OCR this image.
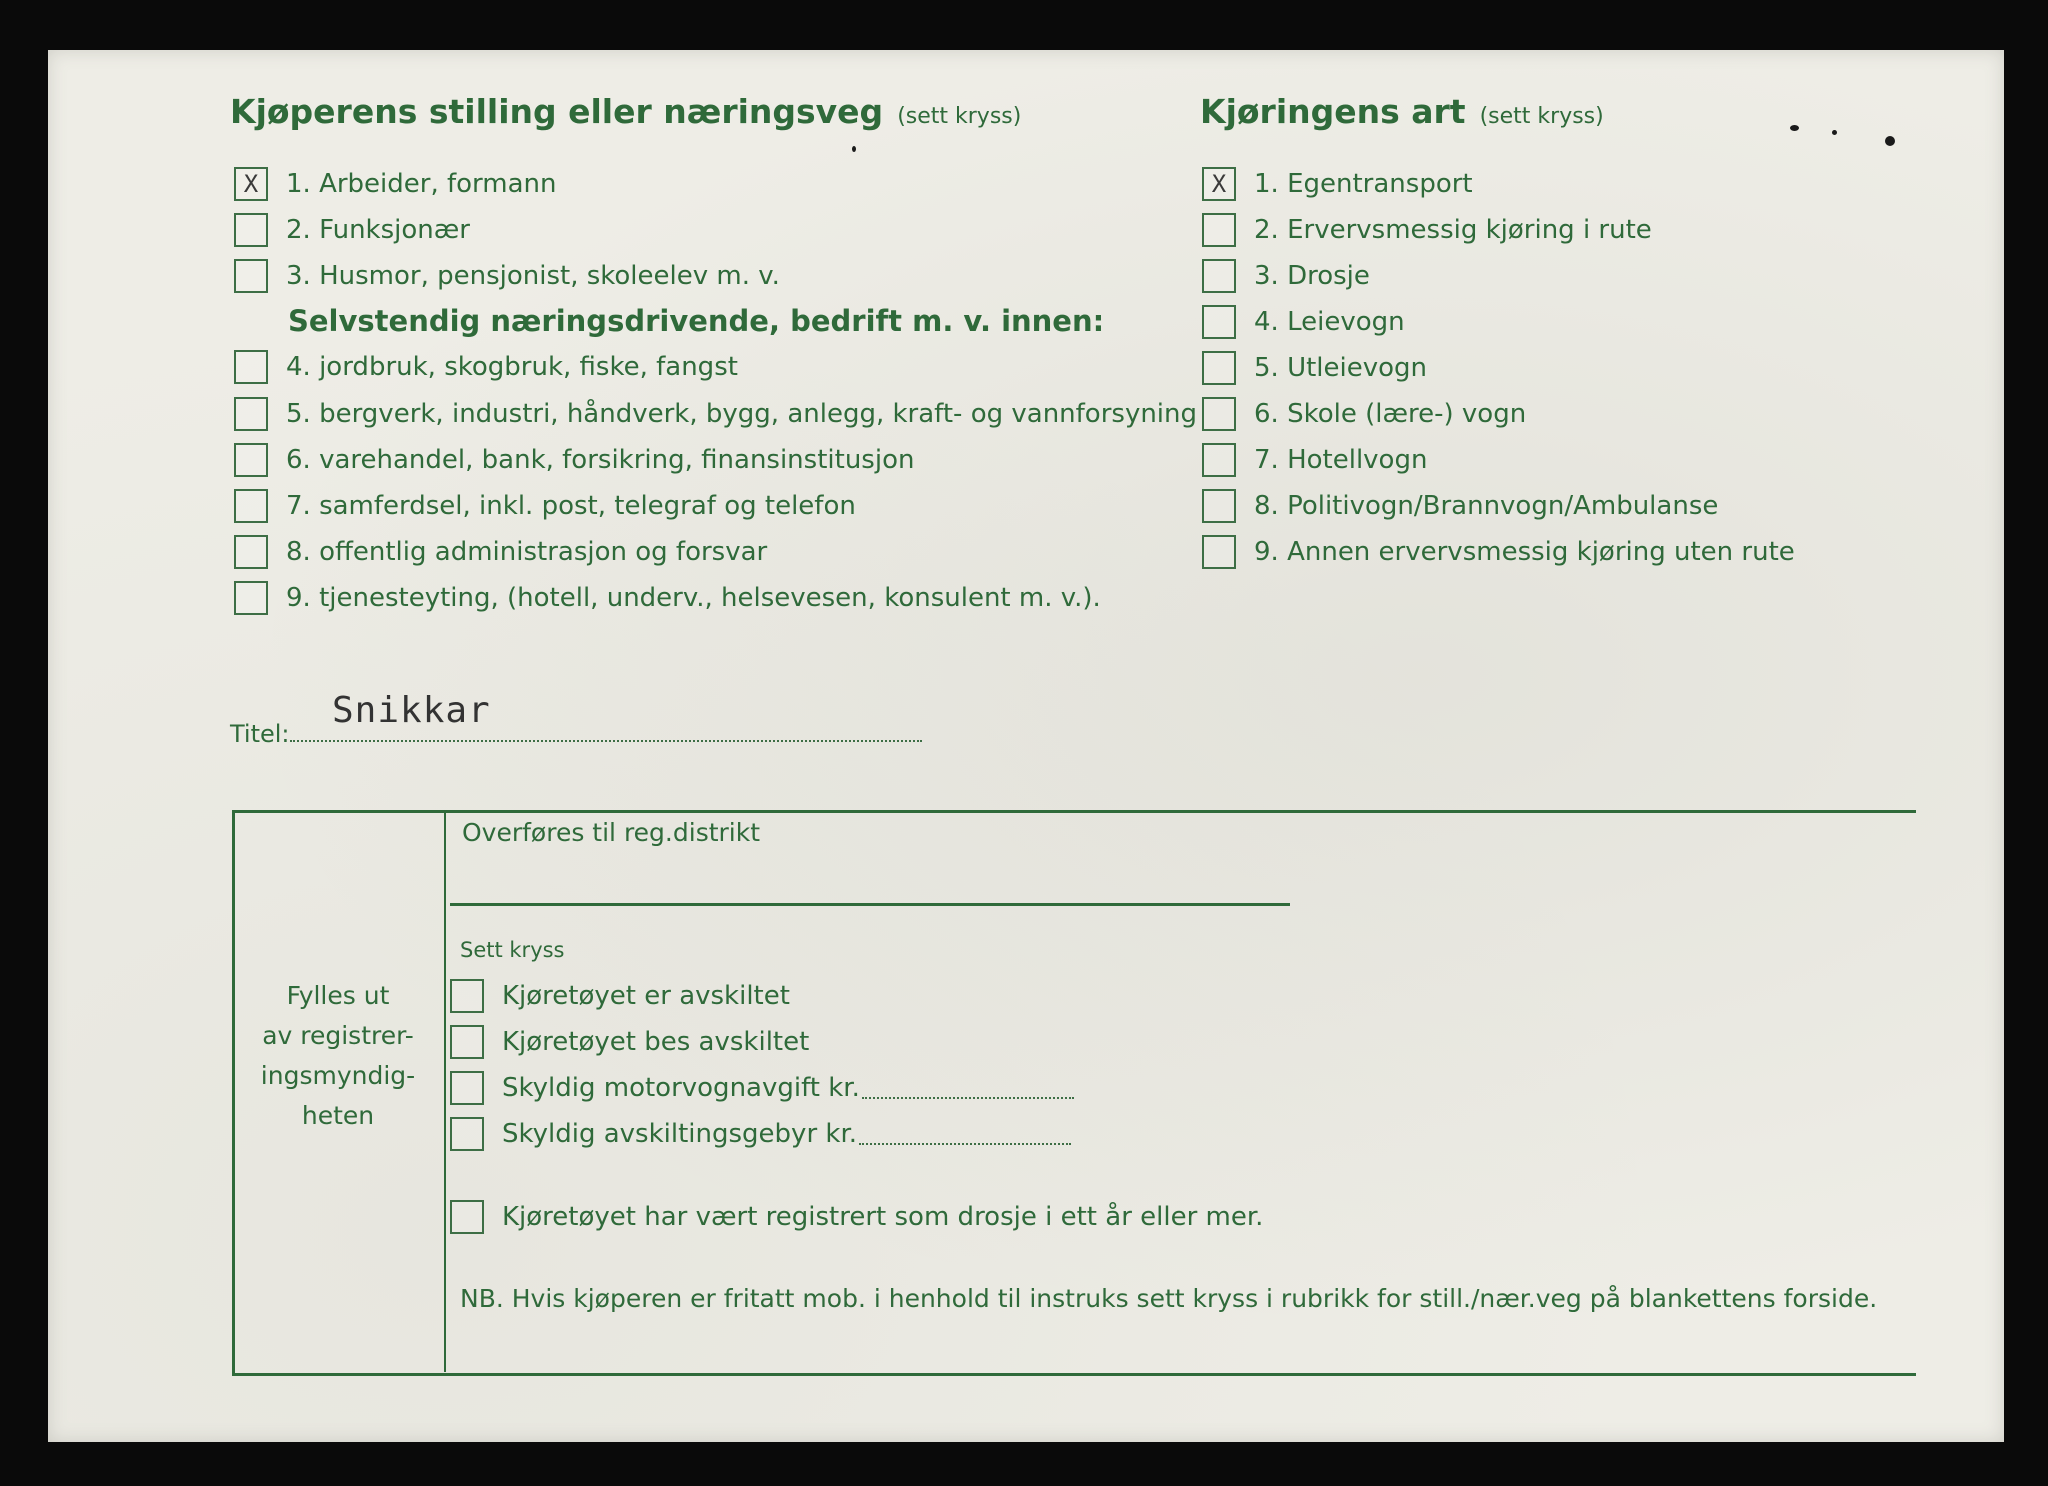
Kjøperens stilling eller næringsveg (sett kryss)	Kjøringens art (sett kryss)
X	1. Arbeider, formann
2. Funksjonær
3. Husmor, pensjonist, skoleelev m. v.
Selvstendig næringsdrivende, bedrift m. v. innen:
4. jordbruk, skogbruk, fiske, fangst
5. bergverk, industri, håndverk, bygg, anlegg, kraft- og vannforsyning
6. varehandel, bank, forsikring, finansinstitusjon
7. samferdsel, inkl. post, telegraf og telefon
8. offentlig administrasjon og forsvar
9. tjenesteyting, (hotell, underv., helsevesen, konsulent m. v.).
X	1. Egentransport
2. Ervervsmessig kjøring i rute
3. Drosje
4. Leievogn
5. Utleievogn
6. Skole (lære-) vogn
7. Hotellvogn
8. Politivogn/Brannvogn/Ambulanse
9. Annen ervervsmessig kjøring uten rute
Titel:
Snikkar
Fylles ut
av registrer-
ingsmyndig-
heten
Overføres til reg.distrikt
Sett kryss
Kjøretøyet er avskiltet
Kjøretøyet bes avskiltet
Skyldig motorvognavgift kr.
Skyldig avskiltingsgebyr kr.
Kjøretøyet har vært registrert som drosje i ett år eller mer.
NB. Hvis kjøperen er fritatt mob. i henhold til instruks sett kryss i rubrikk for still./nær.veg på blankettens forside.
